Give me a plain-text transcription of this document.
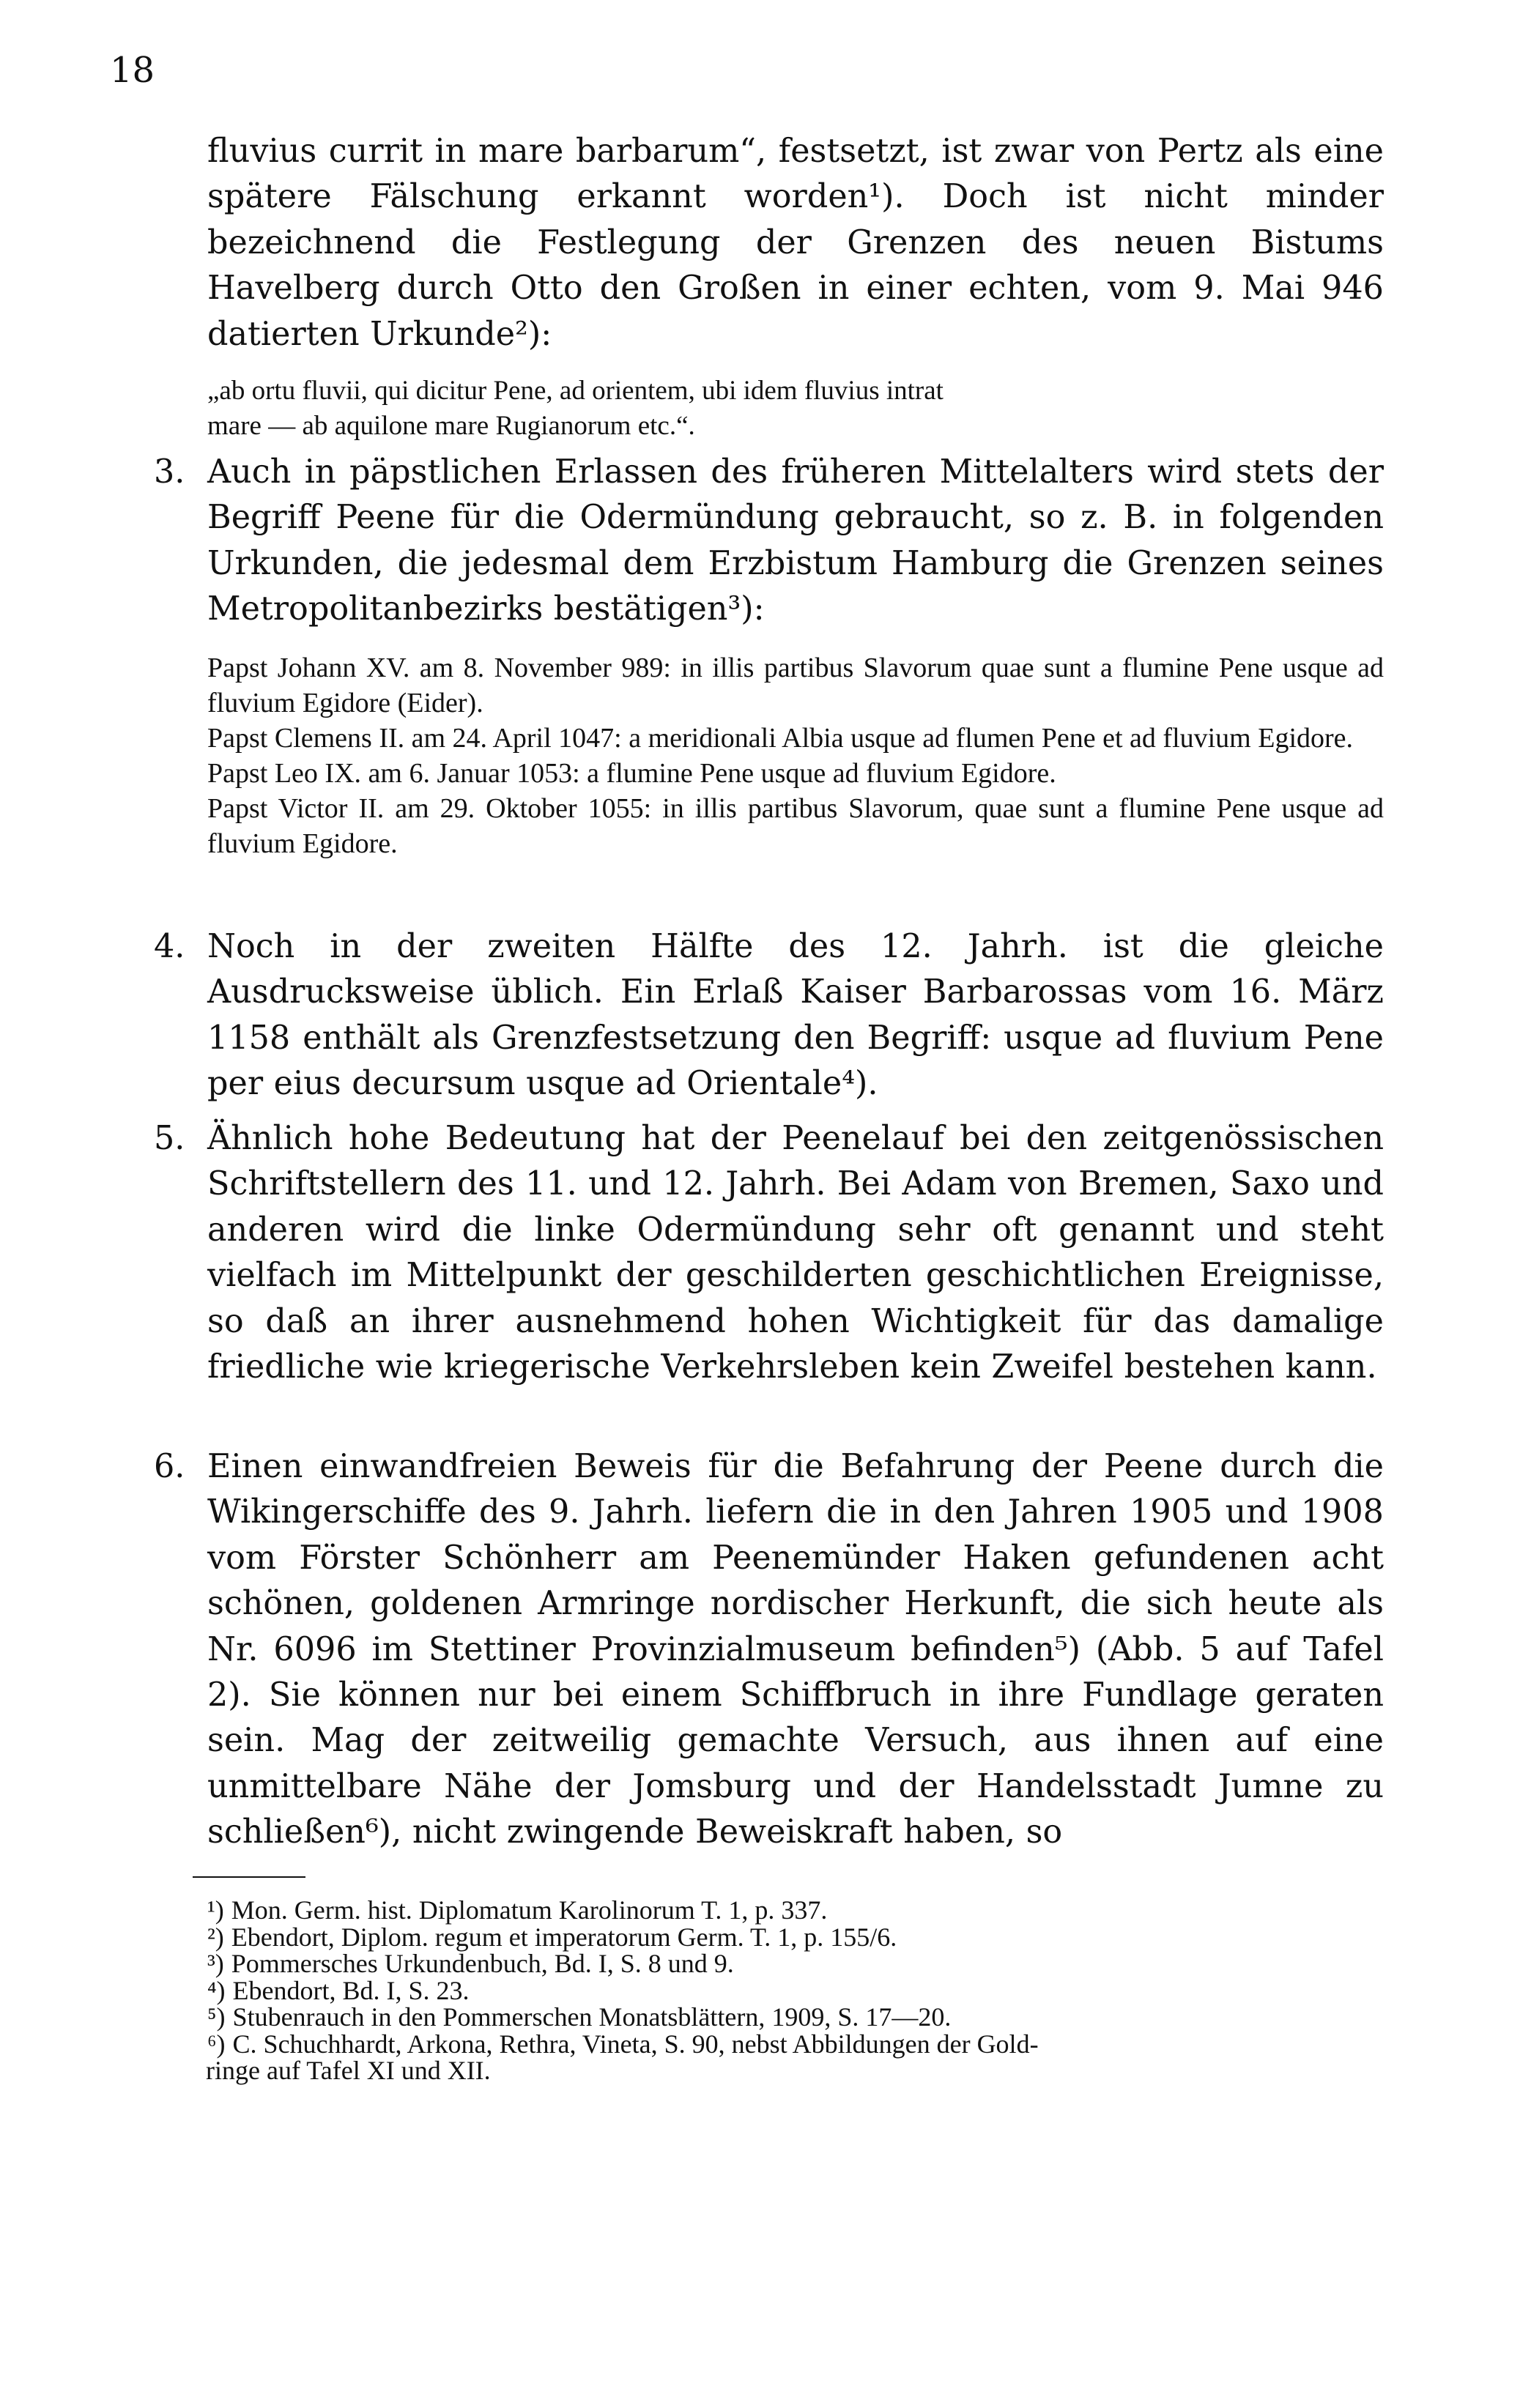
18

fluvius currit in mare barbarum“, festsetzt, ist zwar von Pertz als eine spätere Fälschung erkannt worden¹). Doch ist nicht minder bezeichnend die Festlegung der Grenzen des neuen Bistums Havelberg durch Otto den Großen in einer echten, vom 9. Mai 946 datierten Urkunde²):

„ab ortu fluvii, qui dicitur Pene, ad orientem, ubi idem fluvius intrat

mare — ab aquilone mare Rugianorum etc.“.

3. Auch in päpstlichen Erlassen des früheren Mittelalters wird stets der Begriff Peene für die Odermündung gebraucht, so z. B. in folgenden Urkunden, die jedesmal dem Erzbistum Hamburg die Grenzen seines Metropolitanbezirks bestätigen³):

Papst Johann XV. am 8. November 989: in illis partibus Slavorum quae sunt a flumine Pene usque ad fluvium Egidore (Eider).

Papst Clemens II. am 24. April 1047: a meridionali Albia usque ad flumen Pene et ad fluvium Egidore.

Papst Leo IX. am 6. Januar 1053: a flumine Pene usque ad fluvium Egidore.

Papst Victor II. am 29. Oktober 1055: in illis partibus Slavorum, quae sunt a flumine Pene usque ad fluvium Egidore.

4. Noch in der zweiten Hälfte des 12. Jahrh. ist die gleiche Ausdrucksweise üblich. Ein Erlaß Kaiser Barbarossas vom 16. März 1158 enthält als Grenzfestsetzung den Begriff: usque ad fluvium Pene per eius decursum usque ad Orientale⁴).

5. Ähnlich hohe Bedeutung hat der Peenelauf bei den zeitgenössischen Schriftstellern des 11. und 12. Jahrh. Bei Adam von Bremen, Saxo und anderen wird die linke Odermündung sehr oft genannt und steht vielfach im Mittelpunkt der geschilderten geschichtlichen Ereignisse, so daß an ihrer ausnehmend hohen Wichtigkeit für das damalige friedliche wie kriegerische Verkehrsleben kein Zweifel bestehen kann.

6. Einen einwandfreien Beweis für die Befahrung der Peene durch die Wikingerschiffe des 9. Jahrh. liefern die in den Jahren 1905 und 1908 vom Förster Schönherr am Peenemünder Haken gefundenen acht schönen, goldenen Armringe nordischer Herkunft, die sich heute als Nr. 6096 im Stettiner Provinzialmuseum befinden⁵) (Abb. 5 auf Tafel 2). Sie können nur bei einem Schiffbruch in ihre Fundlage geraten sein. Mag der zeitweilig gemachte Versuch, aus ihnen auf eine unmittelbare Nähe der Jomsburg und der Handelsstadt Jumne zu schließen⁶), nicht zwingende Beweiskraft haben, so

¹) Mon. Germ. hist. Diplomatum Karolinorum T. 1, p. 337.

²) Ebendort, Diplom. regum et imperatorum Germ. T. 1, p. 155/6.

³) Pommersches Urkundenbuch, Bd. I, S. 8 und 9.

⁴) Ebendort, Bd. I, S. 23.

⁵) Stubenrauch in den Pommerschen Monatsblättern, 1909, S. 17—20.

⁶) C. Schuchhardt, Arkona, Rethra, Vineta, S. 90, nebst Abbildungen der Gold-

ringe auf Tafel XI und XII.
